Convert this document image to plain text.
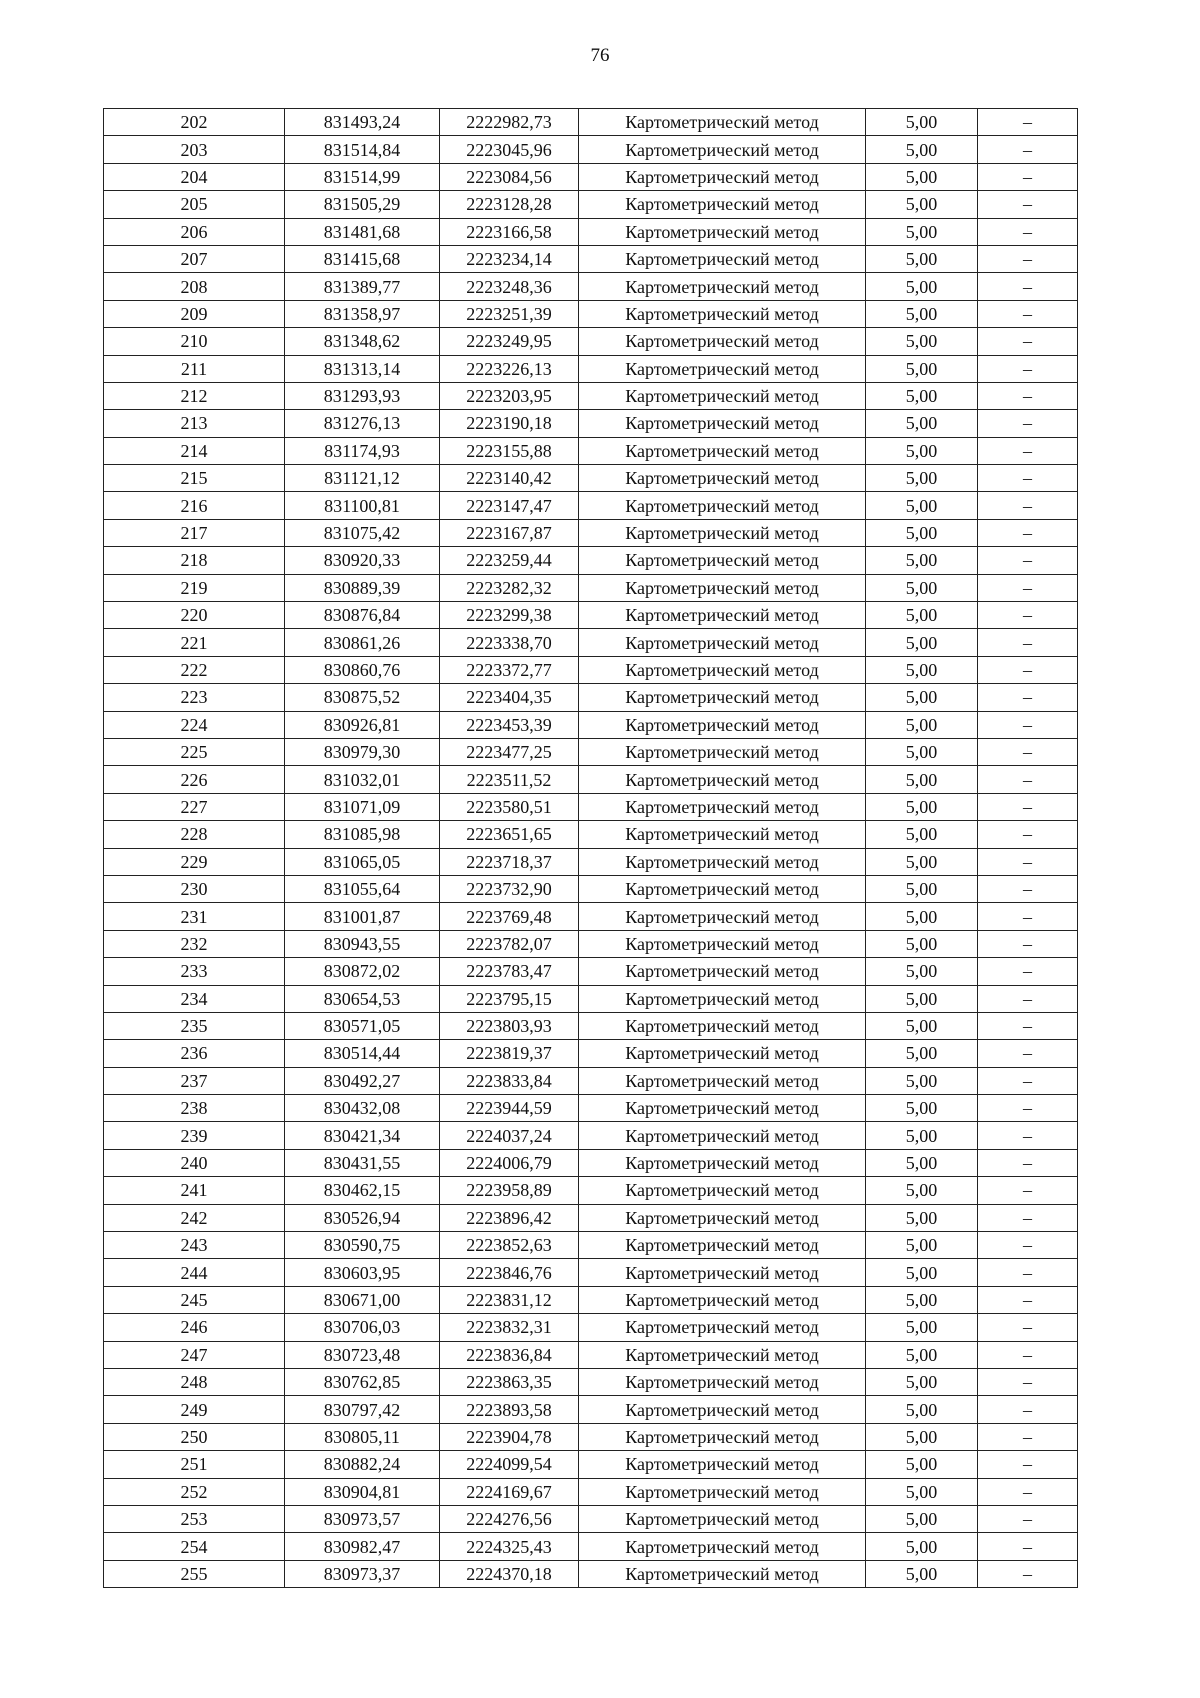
76
202	831493,24	2222982,73	Картометрический метод	5,00	–
203	831514,84	2223045,96	Картометрический метод	5,00	–
204	831514,99	2223084,56	Картометрический метод	5,00	–
205	831505,29	2223128,28	Картометрический метод	5,00	–
206	831481,68	2223166,58	Картометрический метод	5,00	–
207	831415,68	2223234,14	Картометрический метод	5,00	–
208	831389,77	2223248,36	Картометрический метод	5,00	–
209	831358,97	2223251,39	Картометрический метод	5,00	–
210	831348,62	2223249,95	Картометрический метод	5,00	–
211	831313,14	2223226,13	Картометрический метод	5,00	–
212	831293,93	2223203,95	Картометрический метод	5,00	–
213	831276,13	2223190,18	Картометрический метод	5,00	–
214	831174,93	2223155,88	Картометрический метод	5,00	–
215	831121,12	2223140,42	Картометрический метод	5,00	–
216	831100,81	2223147,47	Картометрический метод	5,00	–
217	831075,42	2223167,87	Картометрический метод	5,00	–
218	830920,33	2223259,44	Картометрический метод	5,00	–
219	830889,39	2223282,32	Картометрический метод	5,00	–
220	830876,84	2223299,38	Картометрический метод	5,00	–
221	830861,26	2223338,70	Картометрический метод	5,00	–
222	830860,76	2223372,77	Картометрический метод	5,00	–
223	830875,52	2223404,35	Картометрический метод	5,00	–
224	830926,81	2223453,39	Картометрический метод	5,00	–
225	830979,30	2223477,25	Картометрический метод	5,00	–
226	831032,01	2223511,52	Картометрический метод	5,00	–
227	831071,09	2223580,51	Картометрический метод	5,00	–
228	831085,98	2223651,65	Картометрический метод	5,00	–
229	831065,05	2223718,37	Картометрический метод	5,00	–
230	831055,64	2223732,90	Картометрический метод	5,00	–
231	831001,87	2223769,48	Картометрический метод	5,00	–
232	830943,55	2223782,07	Картометрический метод	5,00	–
233	830872,02	2223783,47	Картометрический метод	5,00	–
234	830654,53	2223795,15	Картометрический метод	5,00	–
235	830571,05	2223803,93	Картометрический метод	5,00	–
236	830514,44	2223819,37	Картометрический метод	5,00	–
237	830492,27	2223833,84	Картометрический метод	5,00	–
238	830432,08	2223944,59	Картометрический метод	5,00	–
239	830421,34	2224037,24	Картометрический метод	5,00	–
240	830431,55	2224006,79	Картометрический метод	5,00	–
241	830462,15	2223958,89	Картометрический метод	5,00	–
242	830526,94	2223896,42	Картометрический метод	5,00	–
243	830590,75	2223852,63	Картометрический метод	5,00	–
244	830603,95	2223846,76	Картометрический метод	5,00	–
245	830671,00	2223831,12	Картометрический метод	5,00	–
246	830706,03	2223832,31	Картометрический метод	5,00	–
247	830723,48	2223836,84	Картометрический метод	5,00	–
248	830762,85	2223863,35	Картометрический метод	5,00	–
249	830797,42	2223893,58	Картометрический метод	5,00	–
250	830805,11	2223904,78	Картометрический метод	5,00	–
251	830882,24	2224099,54	Картометрический метод	5,00	–
252	830904,81	2224169,67	Картометрический метод	5,00	–
253	830973,57	2224276,56	Картометрический метод	5,00	–
254	830982,47	2224325,43	Картометрический метод	5,00	–
255	830973,37	2224370,18	Картометрический метод	5,00	–
